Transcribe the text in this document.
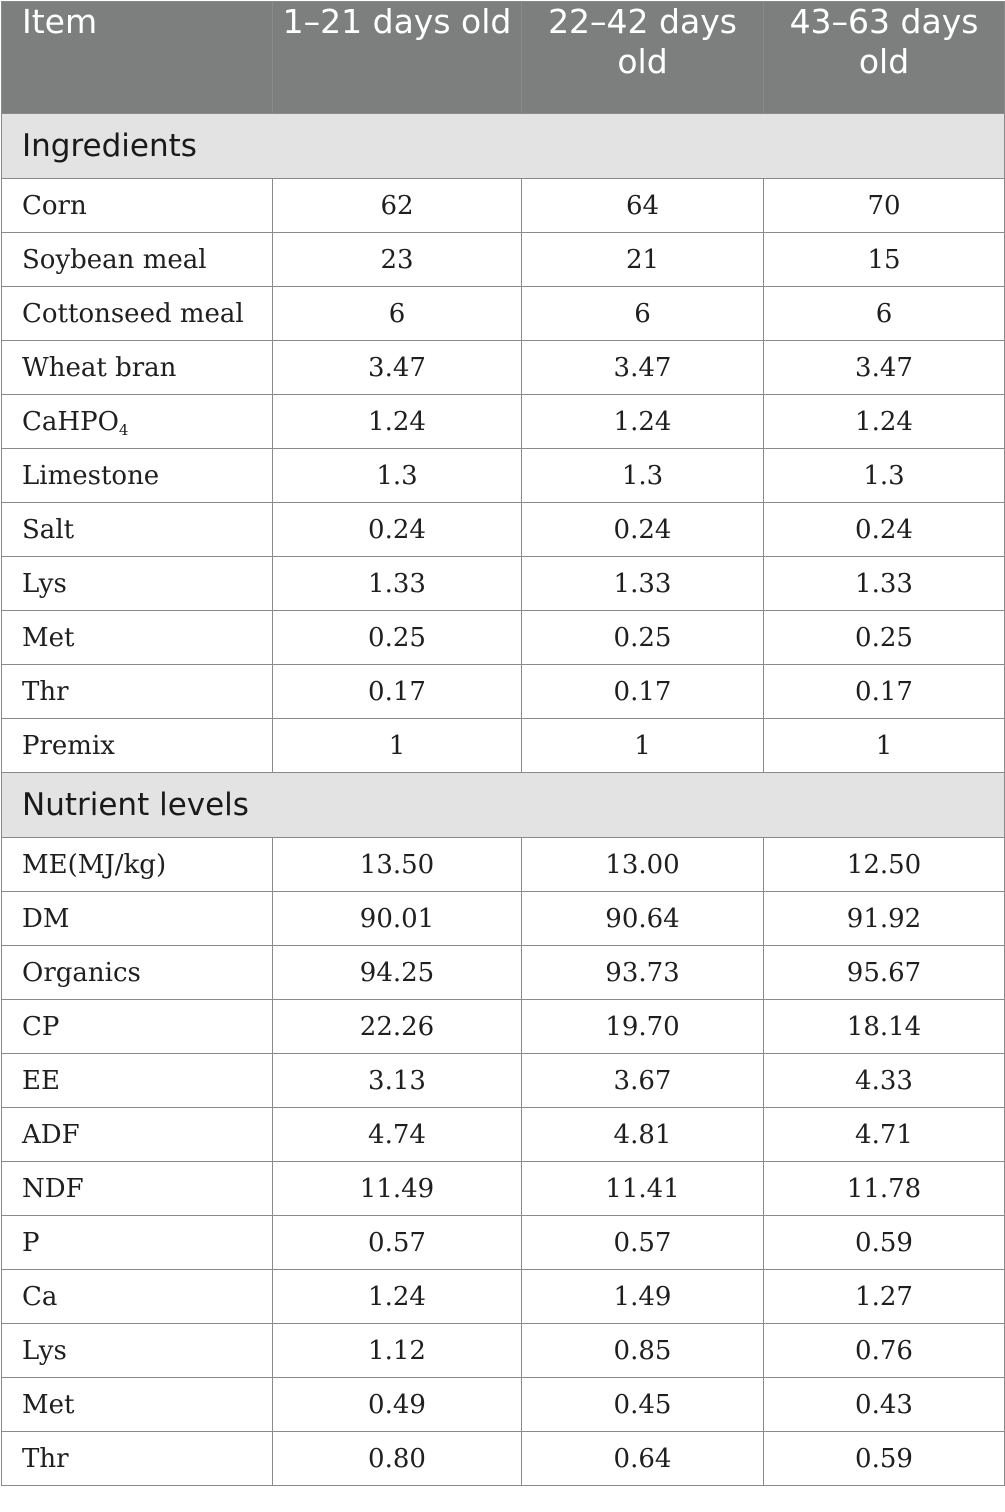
Item	1–21 days old	22–42 days old	43–63 days old
Ingredients			
Corn	62	64	70
Soybean meal	23	21	15
Cottonseed meal	6	6	6
Wheat bran	3.47	3.47	3.47
CaHPO$_4$	1.24	1.24	1.24
Limestone	1.3	1.3	1.3
Salt	0.24	0.24	0.24
Lys	1.33	1.33	1.33
Met	0.25	0.25	0.25
Thr	0.17	0.17	0.17
Premix	1	1	1
Nutrient levels			
ME(MJ/kg)	13.50	13.00	12.50
DM	90.01	90.64	91.92
Organics	94.25	93.73	95.67
CP	22.26	19.70	18.14
EE	3.13	3.67	4.33
ADF	4.74	4.81	4.71
NDF	11.49	11.41	11.78
P	0.57	0.57	0.59
Ca	1.24	1.49	1.27
Lys	1.12	0.85	0.76
Met	0.49	0.45	0.43
Thr	0.80	0.64	0.59
